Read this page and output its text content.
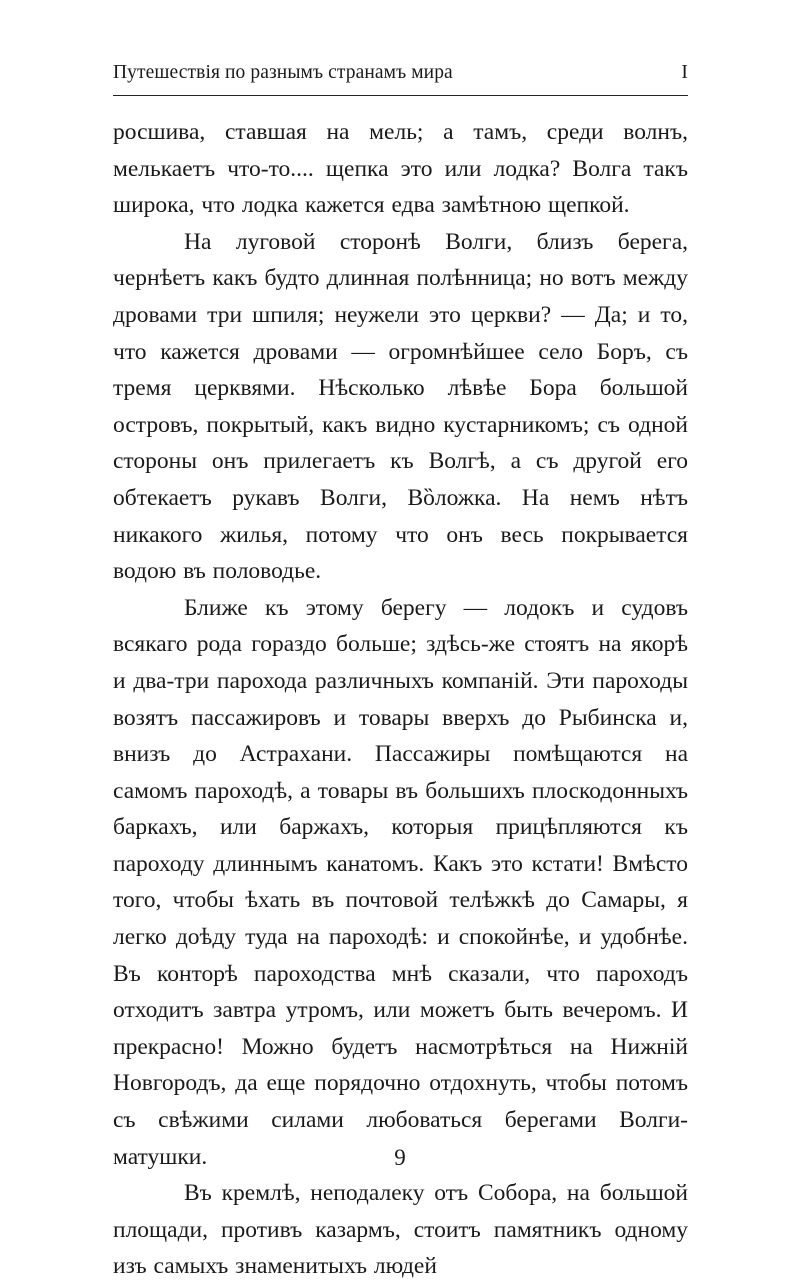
Путешествiя по разнымъ странамъ мира	I

росшива, ставшая на мель; а тамъ, среди волнъ, мелькаетъ что-то.... щепка это или лодка? Волга такъ широка, что лодка кажется едва замѣтною щепкой.

На луговой сторонѣ Волги, близъ берега, чернѣетъ какъ будто длинная полѣнница; но вотъ между дровами три шпиля; неужели это церкви? — Да; и то, что кажется дровами — огромнѣйшее село Боръ, съ тремя церквями. Нѣсколько лѣвѣе Бора большой островъ, покрытый, какъ видно кустарникомъ; съ одной стороны онъ прилегаетъ къ Волгѣ, а съ другой его обтекаетъ рукавъ Волги, Вȍложка. На немъ нѣтъ никакого жилья, потому что онъ весь покрывается водою въ половодье.

Ближе къ этому берегу — лодокъ и судовъ всякаго рода гораздо больше; здѣсь-же стоятъ на якорѣ и два-три парохода различныхъ компанiй. Эти пароходы возятъ пассажировъ и товары вверхъ до Рыбинска и, внизъ до Астрахани. Пассажиры помѣщаются на самомъ пароходѣ, а товары въ большихъ плоскодонныхъ баркахъ, или баржахъ, которыя прицѣпляются къ пароходу длиннымъ канатомъ. Какъ это кстати! Вмѣсто того, чтобы ѣхать въ почтовой телѣжкѣ до Самары, я легко доѣду туда на пароходѣ: и спокойнѣе, и удобнѣе. Въ конторѣ пароходства мнѣ сказали, что пароходъ отходитъ завтра утромъ, или можетъ быть вечеромъ. И прекрасно! Можно будетъ насмотрѣться на Нижнiй Новгородъ, да еще порядочно отдохнуть, чтобы потомъ съ свѣжими силами любоваться берегами Волги-матушки.

Въ кремлѣ, неподалеку отъ Собора, на большой площади, противъ казармъ, стоитъ памятникъ одному изъ самыхъ знаменитыхъ людей

9
